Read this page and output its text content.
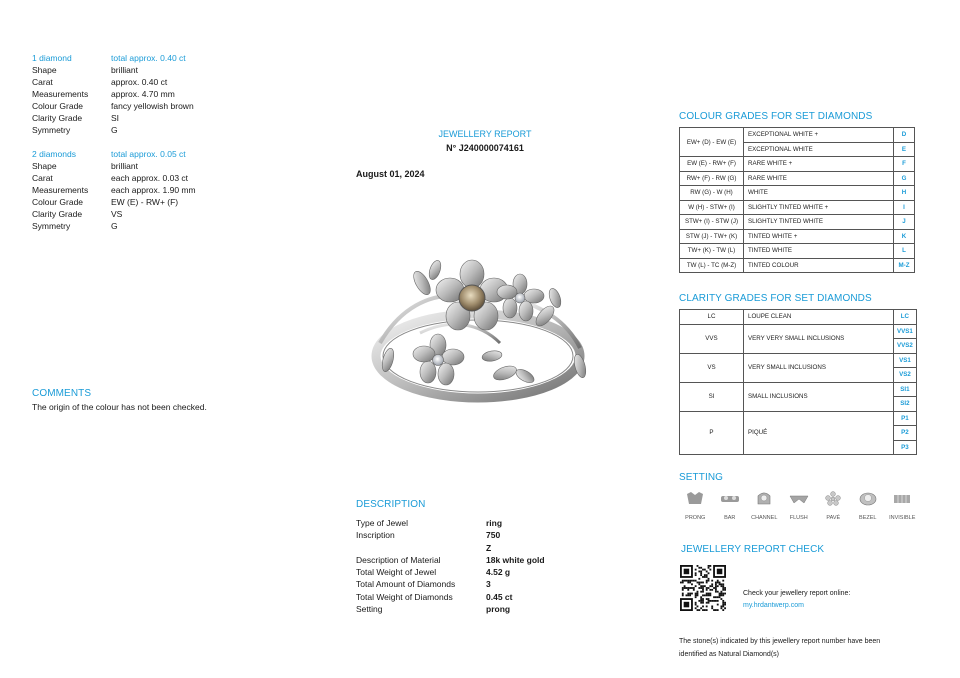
1 diamond	total approx. 0.40 ct
Shape	brilliant
Carat	approx. 0.40 ct
Measurements	approx. 4.70 mm
Colour Grade	fancy yellowish brown
Clarity Grade	SI
Symmetry	G
2 diamonds	total approx. 0.05 ct
Shape	brilliant
Carat	each approx. 0.03 ct
Measurements	each approx. 1.90 mm
Colour Grade	EW (E) - RW+ (F)
Clarity Grade	VS
Symmetry	G
COMMENTS
The origin of the colour has not been checked.
JEWELLERY REPORT
N° J240000074161
August 01, 2024
DESCRIPTION
Type of Jewel	ring
Inscription	750
Z
Description of Material	18k white gold
Total Weight of Jewel	4.52 g
Total Amount of Diamonds	3
Total Weight of Diamonds	0.45 ct
Setting	prong
COLOUR GRADES FOR SET DIAMONDS
EW+ (D) - EW (E)	EXCEPTIONAL WHITE +	D
	EXCEPTIONAL WHITE	E
EW (E) - RW+ (F)	RARE WHITE +	F
RW+ (F) - RW (G)	RARE WHITE	G
RW (G) - W (H)	WHITE	H
W (H) - STW+ (I)	SLIGHTLY TINTED WHITE +	I
STW+ (I) - STW (J)	SLIGHTLY TINTED WHITE	J
STW (J) - TW+ (K)	TINTED WHITE +	K
TW+ (K) - TW (L)	TINTED WHITE	L
TW (L) - TC (M-Z)	TINTED COLOUR	M-Z
CLARITY GRADES FOR SET DIAMONDS
LC	LOUPE CLEAN	LC
VVS	VERY VERY SMALL INCLUSIONS	VVS1
		VVS2
VS	VERY SMALL INCLUSIONS	VS1
		VS2
SI	SMALL INCLUSIONS	SI1
		SI2
P	PIQUÉ	P1
		P2
		P3
SETTING
PRONG	BAR	CHANNEL	FLUSH	PAVÉ	BEZEL	INVISIBLE
JEWELLERY REPORT CHECK
Check your jewellery report online:
my.hrdantwerp.com
The stone(s) indicated by this jewellery report number have been
identified as Natural Diamond(s)
